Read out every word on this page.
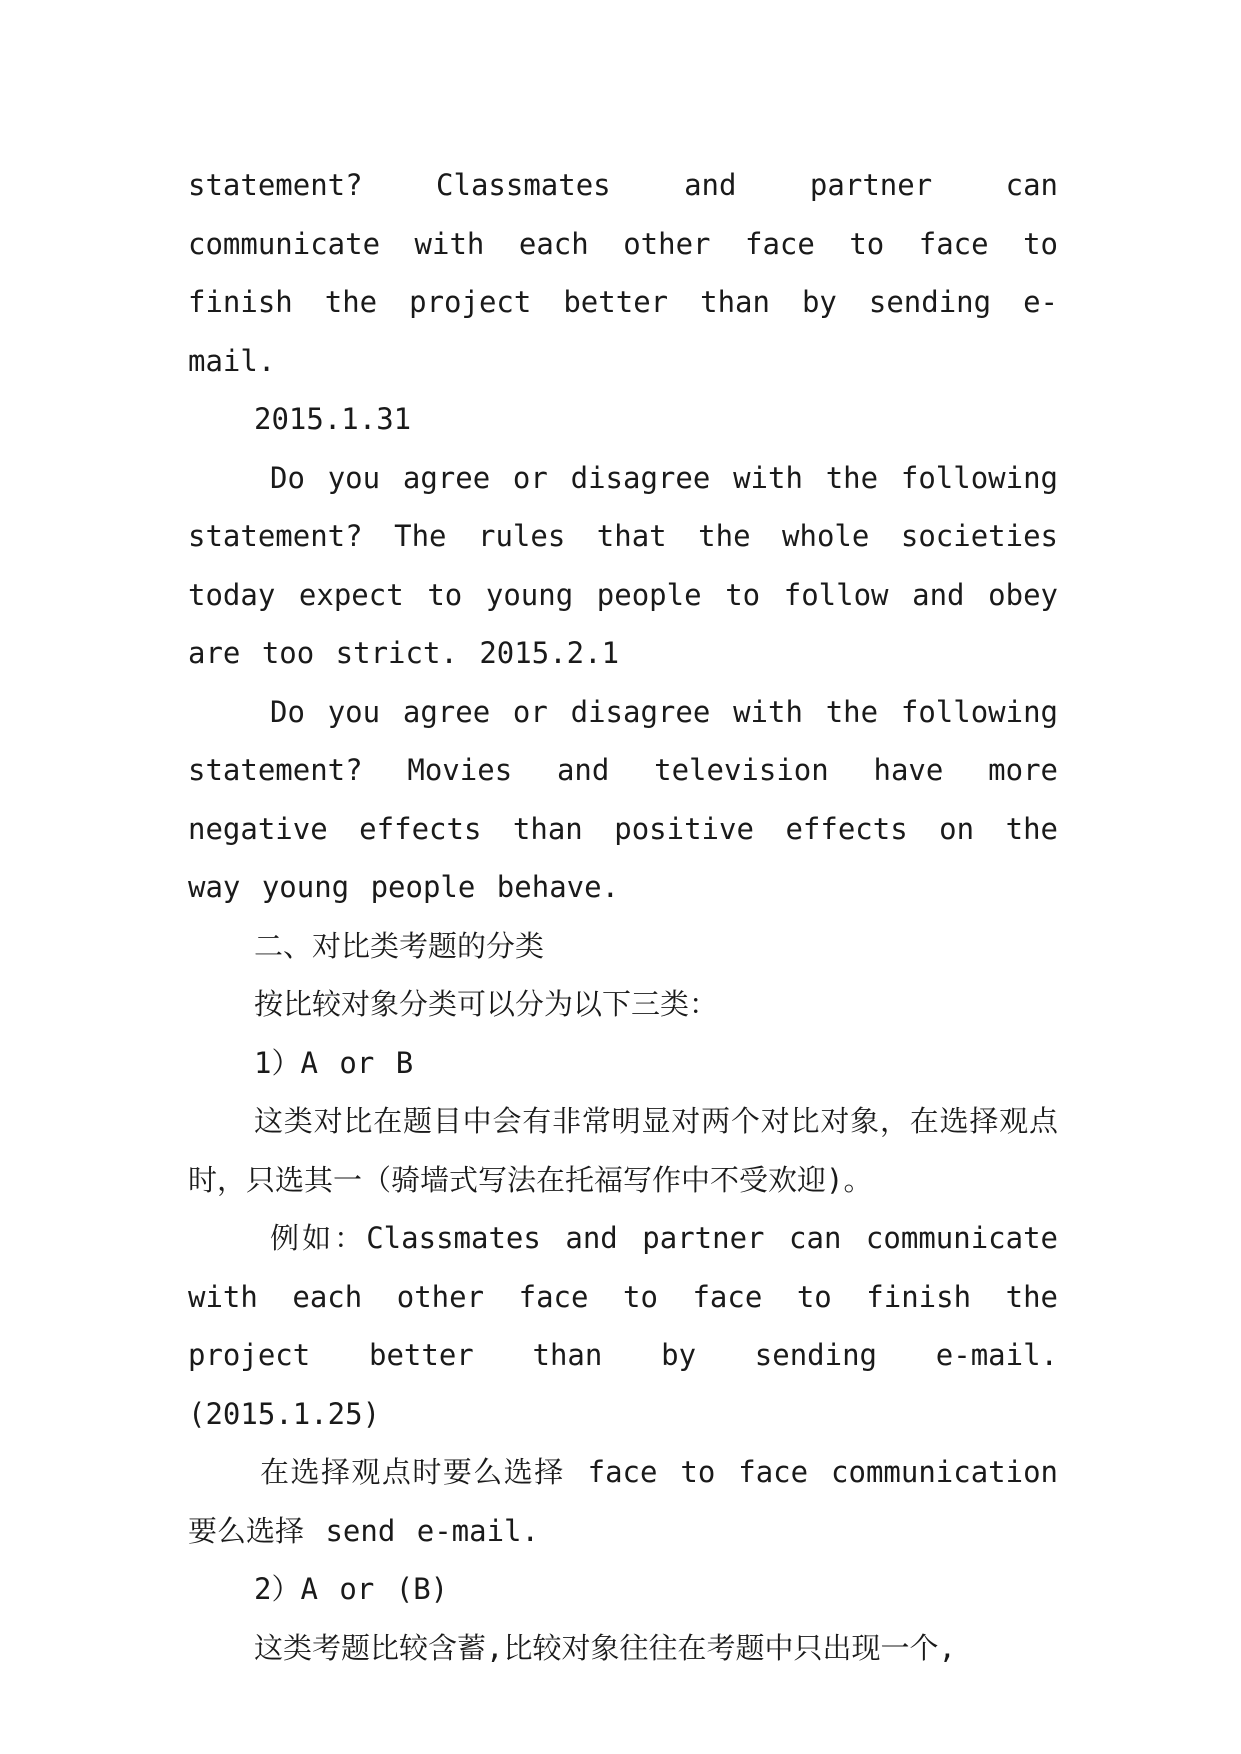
statement? Classmates and partner can communicate with each other face to face to finish the project better than by sending e-mail.

2015.1.31

Do you agree or disagree with the following statement? The rules that the whole societies today expect to young people to follow and obey are too strict. 2015.2.1

Do you agree or disagree with the following statement? Movies and television have more negative effects than positive effects on the way young people behave.

二、对比类考题的分类

按比较对象分类可以分为以下三类：

1）A or B

这类对比在题目中会有非常明显对两个对比对象，在选择观点时，只选其一（骑墙式写法在托福写作中不受欢迎)。

例如：Classmates and partner can communicate with each other face to face to finish the project better than by sending e-mail. (2015.1.25)

在选择观点时要么选择 face to face communication 要么选择 send e-mail.

2）A or (B)

这类考题比较含蓄,比较对象往往在考题中只出现一个,
